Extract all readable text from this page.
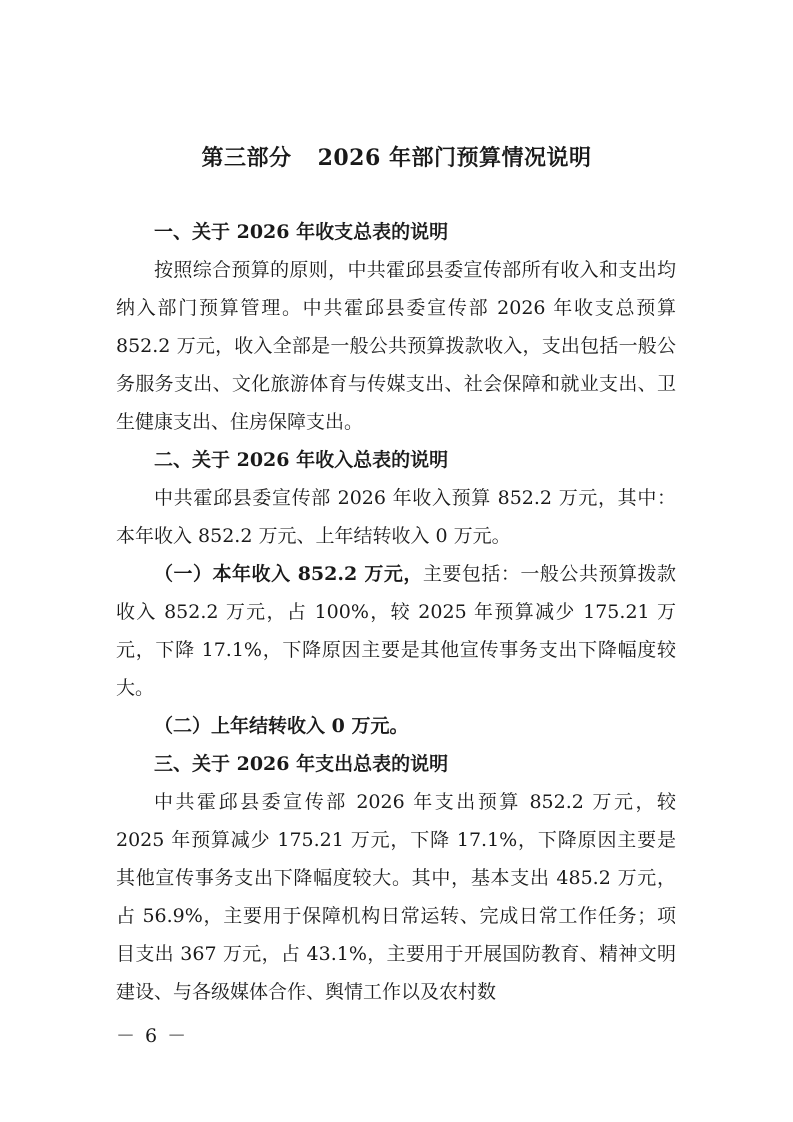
第三部分 2026 年部门预算情况说明

一、关于 2026 年收支总表的说明

按照综合预算的原则，中共霍邱县委宣传部所有收入和支出均纳入部门预算管理。中共霍邱县委宣传部 2026 年收支总预算 852.2 万元，收入全部是一般公共预算拨款收入，支出包括一般公务服务支出、文化旅游体育与传媒支出、社会保障和就业支出、卫生健康支出、住房保障支出。

二、关于 2026 年收入总表的说明

中共霍邱县委宣传部 2026 年收入预算 852.2 万元，其中：本年收入 852.2 万元、上年结转收入 0 万元。

（一）本年收入 852.2 万元，主要包括：一般公共预算拨款收入 852.2 万元，占 100%，较 2025 年预算减少 175.21 万元，下降 17.1%，下降原因主要是其他宣传事务支出下降幅度较大。

（二）上年结转收入 0 万元。

三、关于 2026 年支出总表的说明

中共霍邱县委宣传部 2026 年支出预算 852.2 万元，较 2025 年预算减少 175.21 万元，下降 17.1%，下降原因主要是其他宣传事务支出下降幅度较大。其中，基本支出 485.2 万元，占 56.9%，主要用于保障机构日常运转、完成日常工作任务；项目支出 367 万元，占 43.1%，主要用于开展国防教育、精神文明建设、与各级媒体合作、舆情工作以及农村数

－ 6 －
